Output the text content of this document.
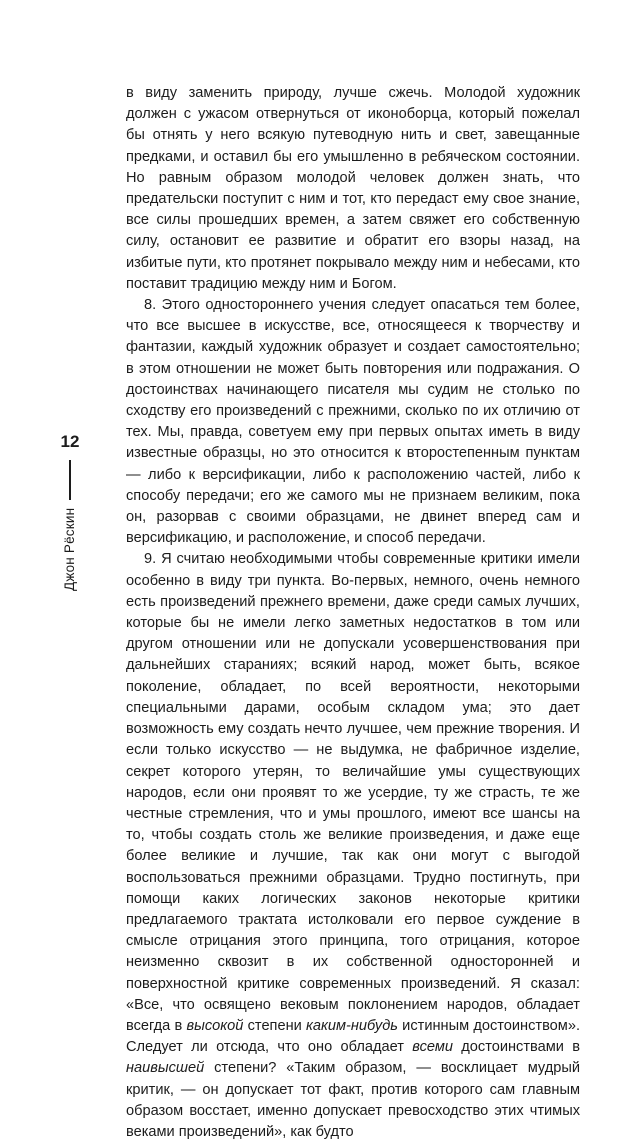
12
Джон Рёскин

в виду заменить природу, лучше сжечь. Молодой художник должен с ужасом отвернуться от иконоборца, который пожелал бы отнять у него всякую путеводную нить и свет, завещанные предками, и оставил бы его умышленно в ребяческом состоянии. Но равным образом молодой человек должен знать, что предательски поступит с ним и тот, кто передаст ему свое знание, все силы прошедших времен, а затем свяжет его собственную силу, остановит ее развитие и обратит его взоры назад, на избитые пути, кто протянет покрывало между ним и небесами, кто поставит традицию между ним и Богом.

8. Этого одностороннего учения следует опасаться тем более, что все высшее в искусстве, все, относящееся к творчеству и фантазии, каждый художник образует и создает самостоятельно; в этом отношении не может быть повторения или подражания. О достоинствах начинающего писателя мы судим не столько по сходству его произведений с прежними, сколько по их отличию от тех. Мы, правда, советуем ему при первых опытах иметь в виду известные образцы, но это относится к второстепенным пунктам — либо к версификации, либо к расположению частей, либо к способу передачи; его же самого мы не признаем великим, пока он, разорвав с своими образцами, не двинет вперед сам и версификацию, и расположение, и способ передачи.

9. Я считаю необходимыми чтобы современные критики имели особенно в виду три пункта. Во-первых, немного, очень немного есть произведений прежнего времени, даже среди самых лучших, которые бы не имели легко заметных недостатков в том или другом отношении или не допускали усовершенствования при дальнейших стараниях; всякий народ, может быть, всякое поколение, обладает, по всей вероятности, некоторыми специальными дарами, особым складом ума; это дает возможность ему создать нечто лучшее, чем прежние творения. И если только искусство — не выдумка, не фабричное изделие, секрет которого утерян, то величайшие умы существующих народов, если они проявят то же усердие, ту же страсть, те же честные стремления, что и умы прошлого, имеют все шансы на то, чтобы создать столь же великие произведения, и даже еще более великие и лучшие, так как они могут с выгодой воспользоваться прежними образцами. Трудно постигнуть, при помощи каких логических законов некоторые критики предлагаемого трактата истолковали его первое суждение в смысле отрицания этого принципа, того отрицания, которое неизменно сквозит в их собственной односторонней и поверхностной критике современных произведений. Я сказал: «Все, что освящено вековым поклонением народов, обладает всегда в высокой степени каким-нибудь истинным достоинством». Следует ли отсюда, что оно обладает всеми достоинствами в наивысшей степени? «Таким образом, — восклицает мудрый критик, — он допускает тот факт, против которого сам главным образом восстает, именно допускает превосходство этих чтимых веками произведений», как будто
